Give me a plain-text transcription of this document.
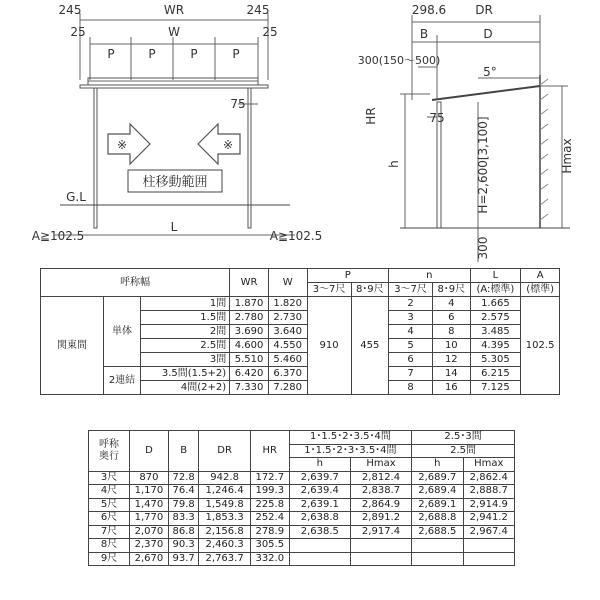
245	WR	245
25	W	25
P	P	P	P
75
※	※
柱移動範囲
G.L
A≧102.5
L
A≧102.5
298.6 DR
B	D
300(150～500)
5°
HR	75
h	H=2,600[3,100]	Hmax
300
呼称幅			WR	W	P		n		L	A
					3～7尺	8･9尺	3～7尺	8･9尺	(A:標準)	(標準)
関東間	単体	1間	1.870	1.820	910	455	2	4	1.665	102.5
		1.5間	2.780	2.730			3	6	2.575	
		2間	3.690	3.640			4	8	3.485	
		2.5間	4.600	4.550			5	10	4.395	
		3間	5.510	5.460			6	12	5.305	
	2連結	3.5間(1.5+2)	6.420	6.370			7	14	6.215	
		4間(2+2)	7.330	7.280			8	16	7.125	
呼称
奥行	D	B	DR	HR	1･1.5･2･3.5･4間		2.5･3間	
					1･1.5･2･3･3.5･4間		2.5間	
					h	Hmax	h	Hmax
3尺	870	72.8	942.8	172.7	2,639.7	2,812.4	2,689.7	2,862.4
4尺	1,170	76.4	1,246.4	199.3	2,639.4	2,838.7	2,689.4	2,888.7
5尺	1,470	79.8	1,549.8	225.8	2,639.1	2,864.9	2,689.1	2,914.9
6尺	1,770	83.3	1,853.3	252.4	2,638.8	2,891.2	2,688.8	2,941.2
7尺	2,070	86.8	2,156.8	278.9	2,638.5	2,917.4	2,688.5	2,967.4
8尺	2,370	90.3	2,460.3	305.5				
9尺	2,670	93.7	2,763.7	332.0				
